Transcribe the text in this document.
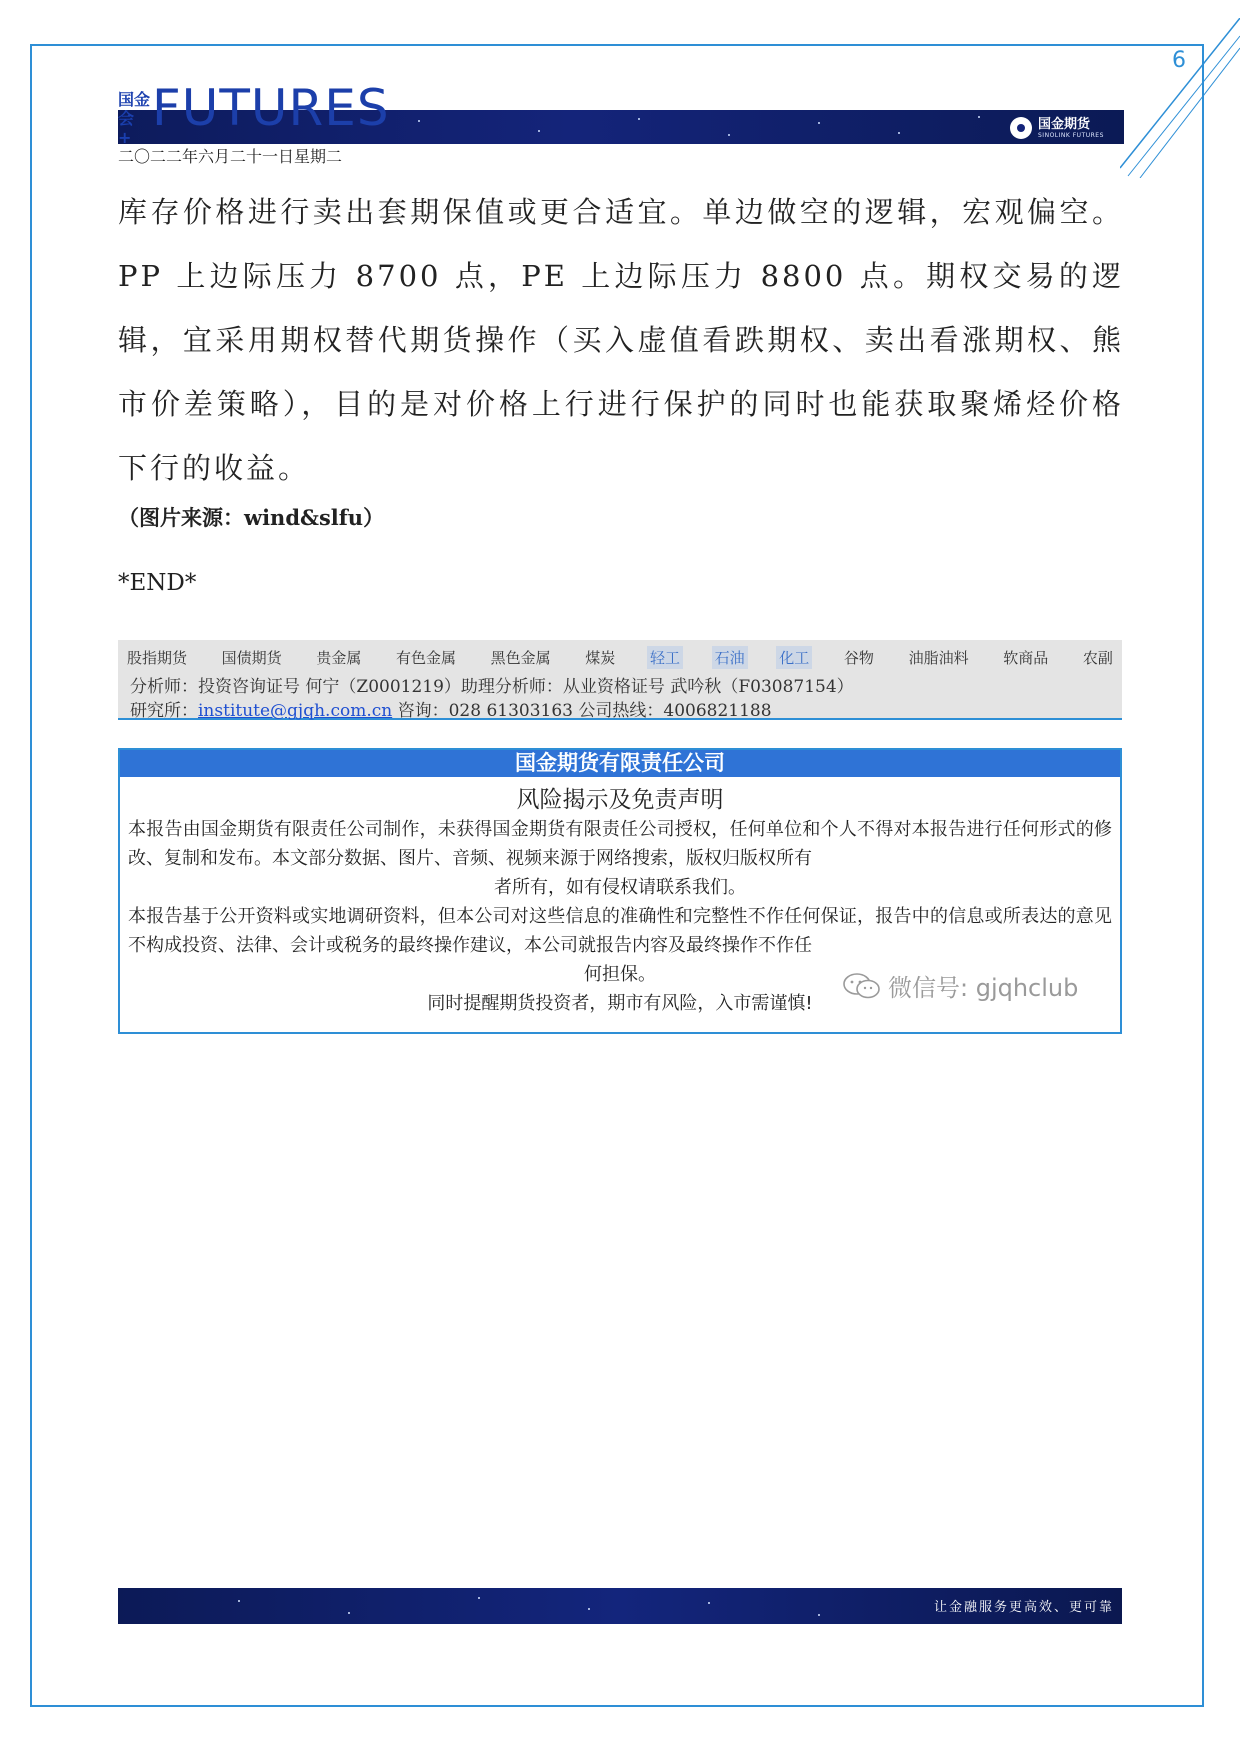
6
国金会 +
FUTURES	国金期货
SINOLINK FUTURES
二〇二二年六月二十一日星期二
库存价格进行卖出套期保值或更合适宜。单边做空的逻辑，宏观偏空。PP 上边际压力 8700 点，PE 上边际压力 8800 点。期权交易的逻辑，宜采用期权替代期货操作（买入虚值看跌期权、卖出看涨期权、熊市价差策略），目的是对价格上行进行保护的同时也能获取聚烯烃价格下行的收益。
（图片来源：wind&slfu）
*END*
股指期货 国债期货 贵金属 有色金属 黑色金属 煤炭 轻工 石油 化工 谷物 油脂油料 软商品 农副
分析师：投资咨询证号 何宁（Z0001219）助理分析师：从业资格证号 武吟秋（F03087154）
研究所：institute@gjqh.com.cn 咨询：028 61303163 公司热线：4006821188
国金期货有限责任公司
风险揭示及免责声明
本报告由国金期货有限责任公司制作，未获得国金期货有限责任公司授权，任何单位和个人不得对本报告进行任何形式的修改、复制和发布。本文部分数据、图片、音频、视频来源于网络搜索，版权归版权所有
者所有，如有侵权请联系我们。
本报告基于公开资料或实地调研资料，但本公司对这些信息的准确性和完整性不作任何保证，报告中的信息或所表达的意见不构成投资、法律、会计或税务的最终操作建议，本公司就报告内容及最终操作不作任
何担保。
同时提醒期货投资者，期市有风险，入市需谨慎!
微信号: gjqhclub
让金融服务更高效、更可靠
